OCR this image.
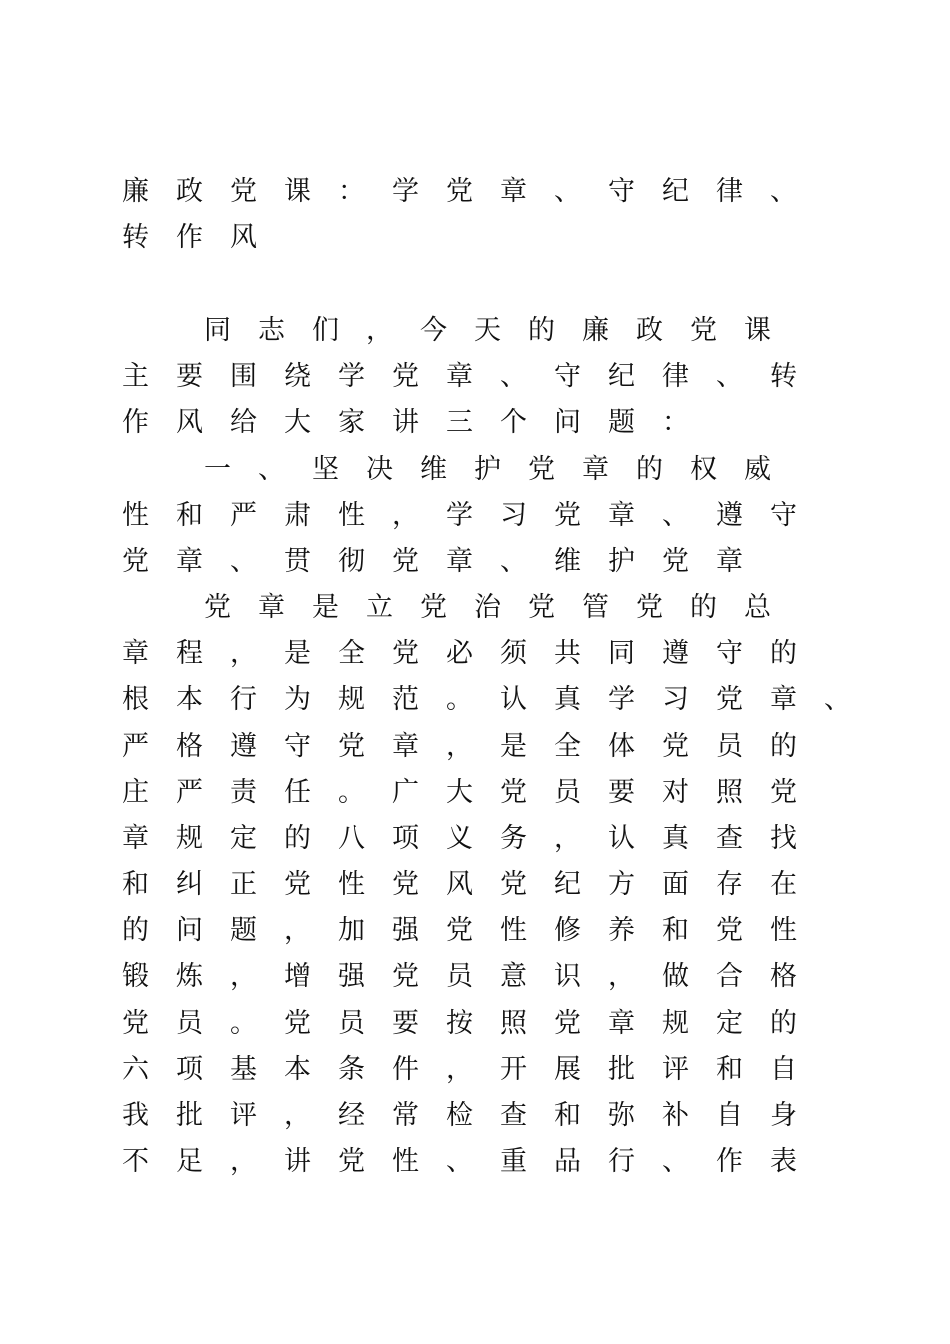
廉政党课：学党章、守纪律、
转作风
同志们，今天的廉政党课
主要围绕学党章、守纪律、转
作风给大家讲三个问题：
一、坚决维护党章的权威
性和严肃性，学习党章、遵守
党章、贯彻党章、维护党章
党章是立党治党管党的总
章程，是全党必须共同遵守的
根本行为规范。认真学习党章、
严格遵守党章，是全体党员的
庄严责任。广大党员要对照党
章规定的八项义务，认真查找
和纠正党性党风党纪方面存在
的问题，加强党性修养和党性
锻炼，增强党员意识，做合格
党员。党员要按照党章规定的
六项基本条件，开展批评和自
我批评，经常检查和弥补自身
不足，讲党性、重品行、作表
